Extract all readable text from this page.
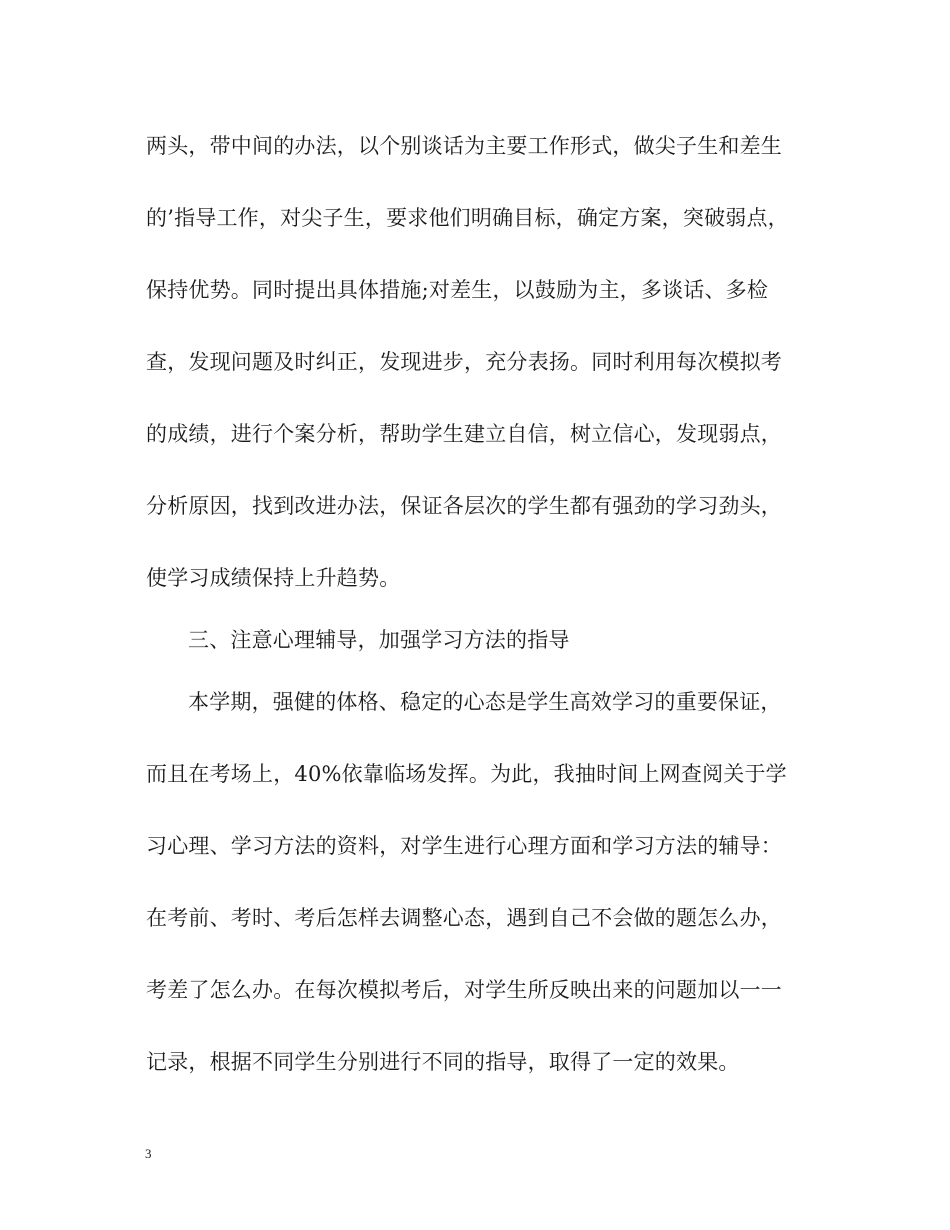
两头，带中间的办法，以个别谈话为主要工作形式，做尖子生和差生
的’指导工作，对尖子生，要求他们明确目标，确定方案，突破弱点，
保持优势。同时提出具体措施;对差生，以鼓励为主，多谈话、多检
查，发现问题及时纠正，发现进步，充分表扬。同时利用每次模拟考
的成绩，进行个案分析，帮助学生建立自信，树立信心，发现弱点，
分析原因，找到改进办法，保证各层次的学生都有强劲的学习劲头，
使学习成绩保持上升趋势。
三、注意心理辅导，加强学习方法的指导
本学期，强健的体格、稳定的心态是学生高效学习的重要保证，
而且在考场上，40%依靠临场发挥。为此，我抽时间上网查阅关于学
习心理、学习方法的资料，对学生进行心理方面和学习方法的辅导：
在考前、考时、考后怎样去调整心态，遇到自己不会做的题怎么办，
考差了怎么办。在每次模拟考后，对学生所反映出来的问题加以一一
记录，根据不同学生分别进行不同的指导，取得了一定的效果。
3
